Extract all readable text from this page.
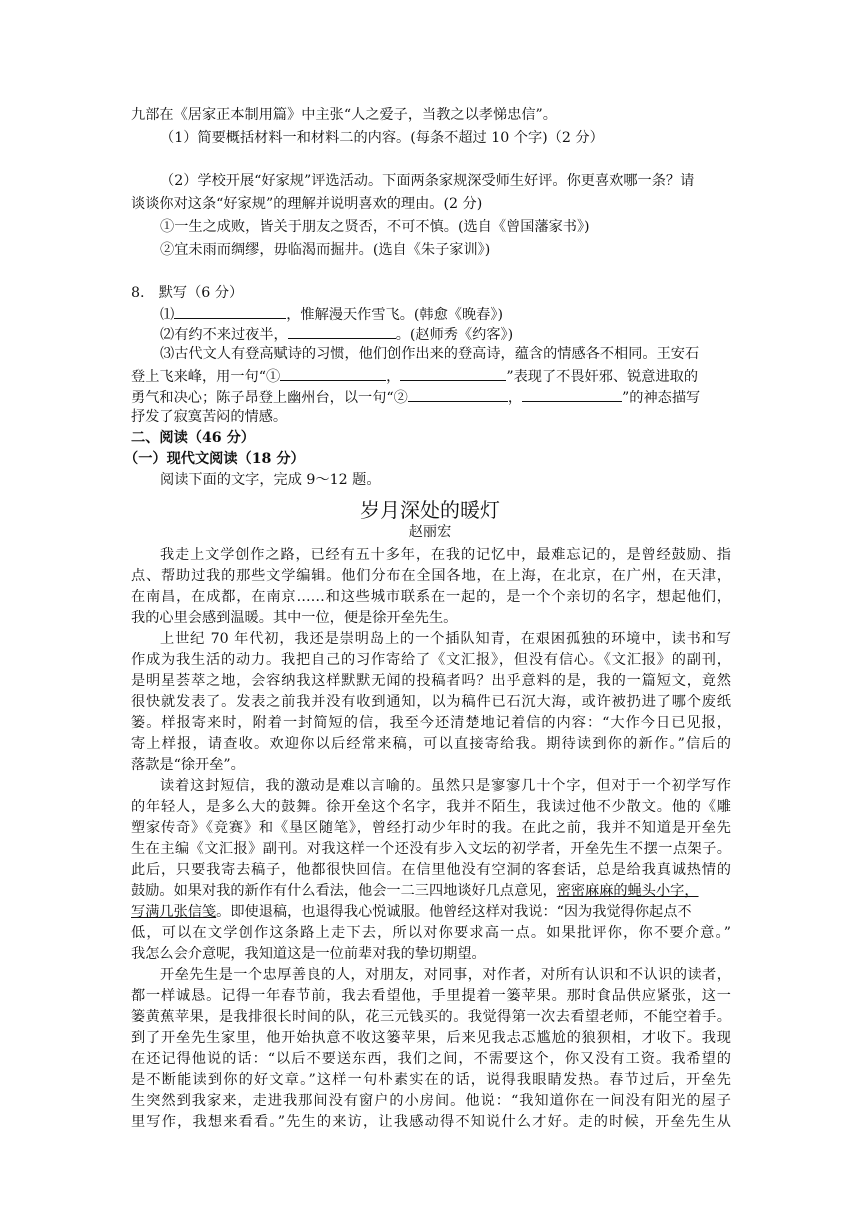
九部在《居家正本制用篇》中主张“人之爱子，当教之以孝悌忠信”。
（1）简要概括材料一和材料二的内容。(每条不超过 10 个字)（2 分）
（2）学校开展“好家规”评选活动。下面两条家规深受师生好评。你更喜欢哪一条？请
谈谈你对这条“好家规”的理解并说明喜欢的理由。(2 分)
①一生之成败，皆关于朋友之贤否，不可不慎。(选自《曾国藩家书》)
②宜未雨而绸缪，毋临渴而掘井。(选自《朱子家训》)
8.　默写（6 分）
⑴	，惟解漫天作雪飞。(韩愈《晚春》)
⑵有约不来过夜半，	。(赵师秀《约客》)
⑶古代文人有登高赋诗的习惯，他们创作出来的登高诗，蕴含的情感各不相同。王安石
登上飞来峰，用一句“①	，	”表现了不畏奸邪、锐意进取的
勇气和决心；陈子昂登上幽州台，以一句“②	，	”的神态描写
抒发了寂寞苦闷的情感。
二、阅读（46 分）
（一）现代文阅读（18 分）
阅读下面的文字，完成 9～12 题。
岁月深处的暖灯
赵丽宏
我走上文学创作之路，已经有五十多年，在我的记忆中，最难忘记的，是曾经鼓励、指
点、帮助过我的那些文学编辑。他们分布在全国各地，在上海，在北京，在广州，在天津，
在南昌，在成都，在南京……和这些城市联系在一起的，是一个个亲切的名字，想起他们，
我的心里会感到温暖。其中一位，便是徐开垒先生。
上世纪 70 年代初，我还是崇明岛上的一个插队知青，在艰困孤独的环境中，读书和写
作成为我生活的动力。我把自己的习作寄给了《文汇报》，但没有信心。《文汇报》的副刊，
是明星荟萃之地，会容纳我这样默默无闻的投稿者吗？出乎意料的是，我的一篇短文，竟然
很快就发表了。发表之前我并没有收到通知，以为稿件已石沉大海，或许被扔进了哪个废纸
篓。样报寄来时，附着一封简短的信，我至今还清楚地记着信的内容：“大作今日已见报，
寄上样报，请查收。欢迎你以后经常来稿，可以直接寄给我。期待读到你的新作。”信后的
落款是“徐开垒”。
读着这封短信，我的激动是难以言喻的。虽然只是寥寥几十个字，但对于一个初学写作
的年轻人，是多么大的鼓舞。徐开垒这个名字，我并不陌生，我读过他不少散文。他的《雕
塑家传奇》《竞赛》和《垦区随笔》，曾经打动少年时的我。在此之前，我并不知道是开垒先
生在主编《文汇报》副刊。对我这样一个还没有步入文坛的初学者，开垒先生不摆一点架子。
此后，只要我寄去稿子，他都很快回信。在信里他没有空洞的客套话，总是给我真诚热情的
鼓励。如果对我的新作有什么看法，他会一二三四地谈好几点意见，密密麻麻的蝇头小字，
写满几张信笺。即使退稿，也退得我心悦诚服。他曾经这样对我说：“因为我觉得你起点不
低，可以在文学创作这条路上走下去，所以对你要求高一点。如果批评你，你不要介意。”
我怎么会介意呢，我知道这是一位前辈对我的挚切期望。
开垒先生是一个忠厚善良的人，对朋友，对同事，对作者，对所有认识和不认识的读者，
都一样诚恳。记得一年春节前，我去看望他，手里提着一篓苹果。那时食品供应紧张，这一
篓黄蕉苹果，是我排很长时间的队，花三元钱买的。我觉得第一次去看望老师，不能空着手。
到了开垒先生家里，他开始执意不收这篓苹果，后来见我忐忑尴尬的狼狈相，才收下。我现
在还记得他说的话：“以后不要送东西，我们之间，不需要这个，你又没有工资。我希望的
是不断能读到你的好文章。”这样一句朴素实在的话，说得我眼睛发热。春节过后，开垒先
生突然到我家来，走进我那间没有窗户的小房间。他说：“我知道你在一间没有阳光的屋子
里写作，我想来看看。”先生的来访，让我感动得不知说什么才好。走的时候，开垒先生从
